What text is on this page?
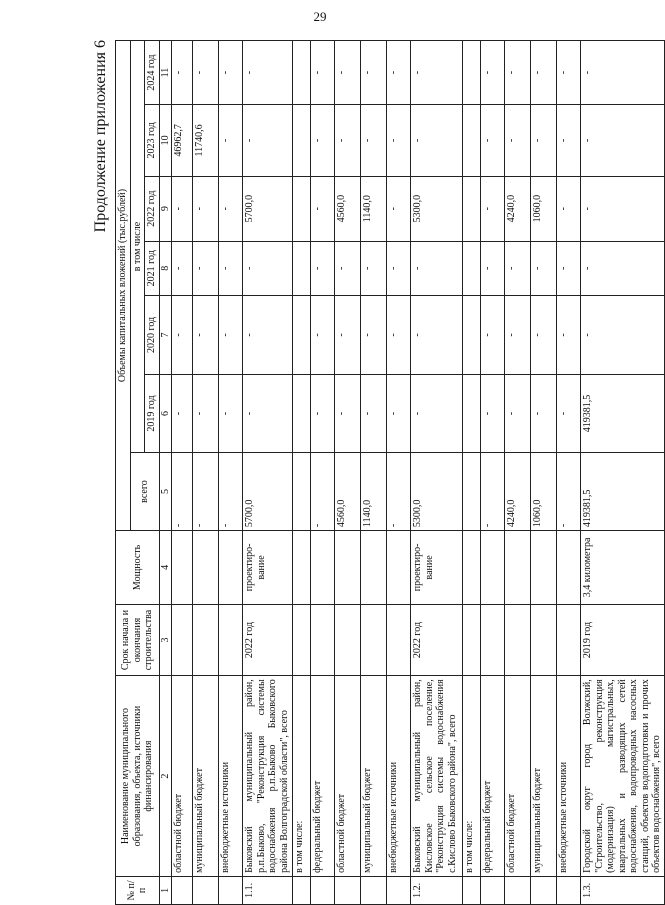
29
Продолжение приложения 6
№ п/п	Наименование муниципального образования, объекта, источники финансирования	Срок начала и окончания строительства	Мощность	Объемы капитальных вложений (тыс.рублей)						
				всего	в том числе					
					2019 год	2020 год	2021 год	2022 год	2023 год	2024 год
1	2	3	4	5	6	7	8	9	10	11
	областной бюджет			-	-	-	-	-	46962,7	-
	муниципальный бюджет			-	-	-	-	-	11740,6	-
	внебюджетные источники			-	-	-	-	-	-	-
1.1.	Быковский муниципальный район, р.п.Быково, "Реконструкция системы водоснабжения р.п.Быково Быковского района Волгоградской области", всего	2022 год	проектиро-вание	5700,0	-	-	-	5700,0	-	-
	в том числе:									
	федеральный бюджет			-	-	-	-	-	-	-
	областной бюджет			4560,0	-	-	-	4560,0	-	-
	муниципальный бюджет			1140,0	-	-	-	1140,0	-	-
	внебюджетные источники			-	-	-	-	-	-	-
1.2.	Быковский муниципальный район, Кисловское сельское поселение, "Реконструкция системы водоснабжения с.Кислово Быковского района", всего	2022 год	проектиро-вание	5300,0	-	-	-	5300,0	-	-
	в том числе:									
	федеральный бюджет			-	-	-	-	-	-	-
	областной бюджет			4240,0	-	-	-	4240,0	-	-
	муниципальный бюджет			1060,0	-	-	-	1060,0	-	-
	внебюджетные источники			-	-	-	-	-	-	-
1.3.	Городской округ город Волжский, "Строительство, реконструкция (модернизация) магистральных, квартальных и разводящих сетей водоснабжения, водопроводных насосных станций, объектов водоподготовки и прочих объектов водоснабжения", всего	2019 год	3,4 километра	419381,5	419381,5	-	-	-	-	-
